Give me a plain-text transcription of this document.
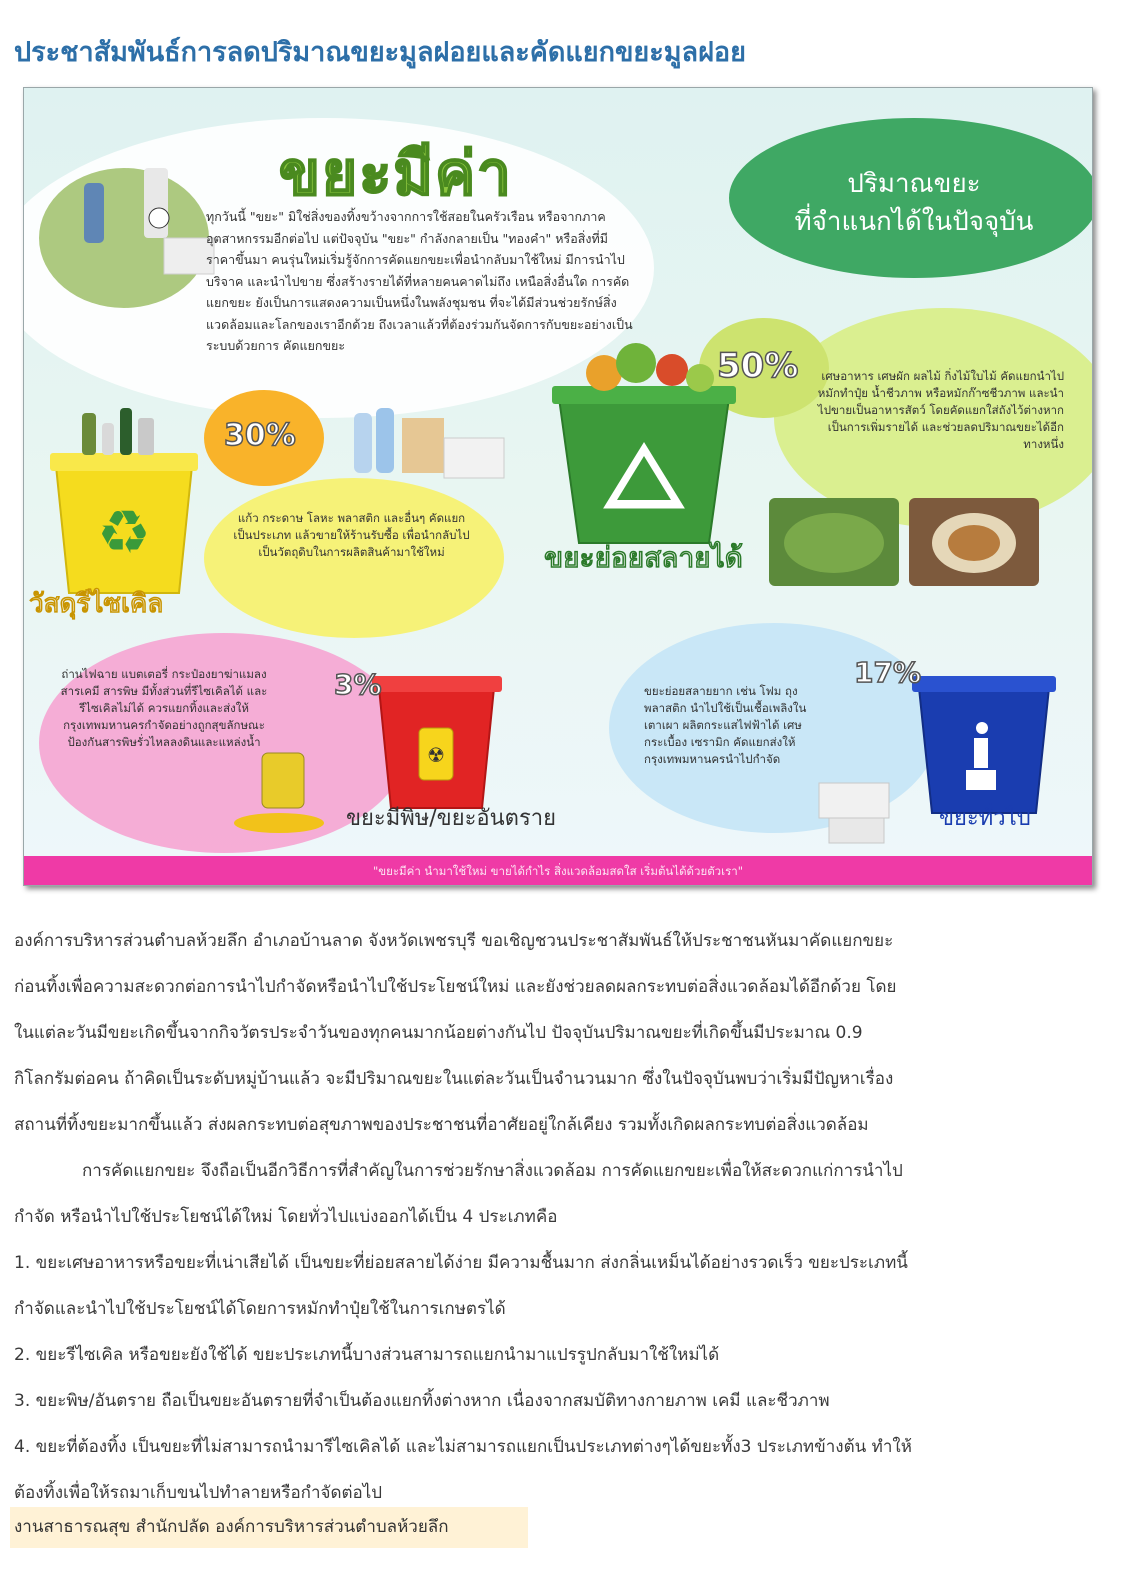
ประชาสัมพันธ์การลดปริมาณขยะมูลฝอยและคัดแยกขยะมูลฝอย
♻
☢
ขยะมีค่า
ทุกวันนี้ "ขยะ" มิใช่สิ่งของทิ้งขว้างจากการใช้สอยในครัวเรือน หรือจากภาคอุตสาหกรรมอีกต่อไป แต่ปัจจุบัน "ขยะ" กำลังกลายเป็น "ทองคำ" หรือสิ่งที่มีราคาขึ้นมา คนรุ่นใหม่เริ่มรู้จักการคัดแยกขยะเพื่อนำกลับมาใช้ใหม่ มีการนำไปบริจาค และนำไปขาย ซึ่งสร้างรายได้ที่หลายคนคาดไม่ถึง เหนือสิ่งอื่นใด การคัดแยกขยะ ยังเป็นการแสดงความเป็นหนึ่งในพลังชุมชน ที่จะได้มีส่วนช่วยรักษ์สิ่งแวดล้อมและโลกของเราอีกด้วย ถึงเวลาแล้วที่ต้องร่วมกันจัดการกับขยะอย่างเป็นระบบด้วยการ คัดแยกขยะ
ปริมาณขยะ
ที่จำแนกได้ในปัจจุบัน
30%
แก้ว กระดาษ โลหะ พลาสติก และอื่นๆ คัดแยกเป็นประเภท แล้วขายให้ร้านรับซื้อ เพื่อนำกลับไปเป็นวัตถุดิบในการผลิตสินค้ามาใช้ใหม่
วัสดุรีไซเคิล
50%	เศษอาหาร เศษผัก ผลไม้ กิ่งไม้ใบไม้ คัดแยกนำไปหมักทำปุ๋ย น้ำชีวภาพ หรือหมักก๊าซชีวภาพ และนำไปขายเป็นอาหารสัตว์ โดยคัดแยกใส่ถังไว้ต่างหาก เป็นการเพิ่มรายได้ และช่วยลดปริมาณขยะได้อีกทางหนึ่ง
ขยะย่อยสลายได้
ถ่านไฟฉาย แบตเตอรี่ กระป๋องยาฆ่าแมลง สารเคมี สารพิษ มีทั้งส่วนที่รีไซเคิลได้ และรีไซเคิลไม่ได้ ควรแยกทิ้งและส่งให้กรุงเทพมหานครกำจัดอย่างถูกสุขลักษณะ ป้องกันสารพิษรั่วไหลลงดินและแหล่งน้ำ
3%
ขยะมีพิษ/ขยะอันตราย
17%
ขยะย่อยสลายยาก เช่น โฟม ถุงพลาสติก นำไปใช้เป็นเชื้อเพลิงในเตาเผา ผลิตกระแสไฟฟ้าได้ เศษกระเบื้อง เซรามิก คัดแยกส่งให้กรุงเทพมหานครนำไปกำจัด
ขยะทั่วไป
"ขยะมีค่า นำมาใช้ใหม่ ขายได้กำไร สิ่งแวดล้อมสดใส เริ่มต้นได้ด้วยตัวเรา"
องค์การบริหารส่วนตำบลห้วยลึก อำเภอบ้านลาด จังหวัดเพชรบุรี ขอเชิญชวนประชาสัมพันธ์ให้ประชาชนหันมาคัดแยกขยะ
ก่อนทิ้งเพื่อความสะดวกต่อการนำไปกำจัดหรือนำไปใช้ประโยชน์ใหม่ และยังช่วยลดผลกระทบต่อสิ่งแวดล้อมได้อีกด้วย โดย
ในแต่ละวันมีขยะเกิดขึ้นจากกิจวัตรประจำวันของทุกคนมากน้อยต่างกันไป ปัจจุบันปริมาณขยะที่เกิดขึ้นมีประมาณ 0.9
กิโลกรัมต่อคน ถ้าคิดเป็นระดับหมู่บ้านแล้ว จะมีปริมาณขยะในแต่ละวันเป็นจำนวนมาก ซึ่งในปัจจุบันพบว่าเริ่มมีปัญหาเรื่อง
สถานที่ทิ้งขยะมากขึ้นแล้ว ส่งผลกระทบต่อสุขภาพของประชาชนที่อาศัยอยู่ใกล้เคียง รวมทั้งเกิดผลกระทบต่อสิ่งแวดล้อม
การคัดแยกขยะ จึงถือเป็นอีกวิธีการที่สำคัญในการช่วยรักษาสิ่งแวดล้อม การคัดแยกขยะเพื่อให้สะดวกแก่การนำไป
กำจัด หรือนำไปใช้ประโยชน์ได้ใหม่ โดยทั่วไปแบ่งออกได้เป็น 4 ประเภทคือ
1. ขยะเศษอาหารหรือขยะที่เน่าเสียได้ เป็นขยะที่ย่อยสลายได้ง่าย มีความชื้นมาก ส่งกลิ่นเหม็นได้อย่างรวดเร็ว ขยะประเภทนี้
กำจัดและนำไปใช้ประโยชน์ได้โดยการหมักทำปุ๋ยใช้ในการเกษตรได้
2. ขยะรีไซเคิล หรือขยะยังใช้ได้ ขยะประเภทนี้บางส่วนสามารถแยกนำมาแปรรูปกลับมาใช้ใหม่ได้
3. ขยะพิษ/อันตราย ถือเป็นขยะอันตรายที่จำเป็นต้องแยกทิ้งต่างหาก เนื่องจากสมบัติทางกายภาพ เคมี และชีวภาพ
4. ขยะที่ต้องทิ้ง เป็นขยะที่ไม่สามารถนำมารีไซเคิลได้ และไม่สามารถแยกเป็นประเภทต่างๆได้ขยะทั้ง3 ประเภทข้างต้น ทำให้
ต้องทิ้งเพื่อให้รถมาเก็บขนไปทำลายหรือกำจัดต่อไป
งานสาธารณสุข สำนักปลัด องค์การบริหารส่วนตำบลห้วยลึก
